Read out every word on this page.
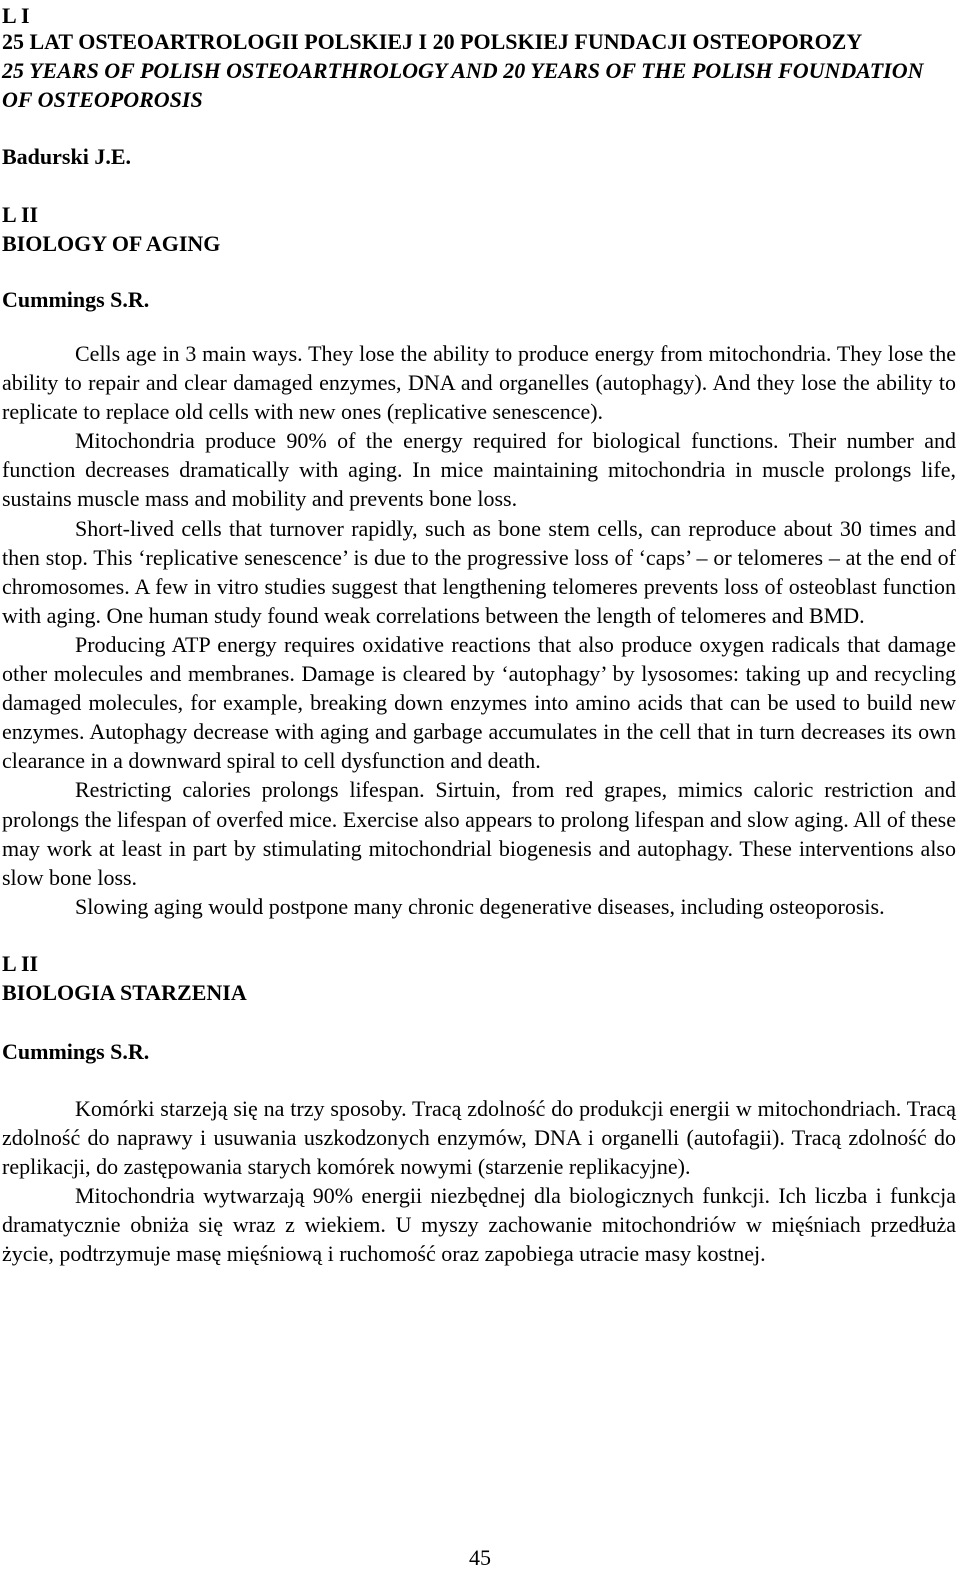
L I
25 LAT OSTEOARTROLOGII POLSKIEJ I 20 POLSKIEJ FUNDACJI OSTEOPOROZY
25 YEARS OF POLISH OSTEOARTHROLOGY AND 20 YEARS OF THE POLISH FOUNDATION OF OSTEOPOROSIS
Badurski J.E.
L II
BIOLOGY OF AGING
Cummings S.R.

Cells age in 3 main ways. They lose the ability to produce energy from mitochondria. They lose the ability to repair and clear damaged enzymes, DNA and organelles (autophagy). And they lose the ability to replicate to replace old cells with new ones (replicative senescence).

Mitochondria produce 90% of the energy required for biological functions. Their number and function decreases dramatically with aging. In mice maintaining mitochondria in muscle prolongs life, sustains muscle mass and mobility and prevents bone loss.

Short-lived cells that turnover rapidly, such as bone stem cells, can reproduce about 30 times and then stop. This ‘replicative senescence’ is due to the progressive loss of ‘caps’ – or telomeres – at the end of chromosomes. A few in vitro studies suggest that lengthening telomeres prevents loss of osteoblast function with aging. One human study found weak correlations between the length of telomeres and BMD.

Producing ATP energy requires oxidative reactions that also produce oxygen radicals that damage other molecules and membranes. Damage is cleared by ‘autophagy’ by lysosomes: taking up and recycling damaged molecules, for example, breaking down enzymes into amino acids that can be used to build new enzymes. Autophagy decrease with aging and garbage accumulates in the cell that in turn decreases its own clearance in a downward spiral to cell dysfunction and death.

Restricting calories prolongs lifespan. Sirtuin, from red grapes, mimics caloric restriction and prolongs the lifespan of overfed mice. Exercise also appears to prolong lifespan and slow aging. All of these may work at least in part by stimulating mitochondrial biogenesis and autophagy. These interventions also slow bone loss.

Slowing aging would postpone many chronic degenerative diseases, including osteoporosis.

L II
BIOLOGIA STARZENIA
Cummings S.R.

Komórki starzeją się na trzy sposoby. Tracą zdolność do produkcji energii w mitochondriach. Tracą zdolność do naprawy i usuwania uszkodzonych enzymów, DNA i organelli (autofagii). Tracą zdolność do replikacji, do zastępowania starych komórek nowymi (starzenie replikacyjne).

Mitochondria wytwarzają 90% energii niezbędnej dla biologicznych funkcji. Ich liczba i funkcja dramatycznie obniża się wraz z wiekiem. U myszy zachowanie mitochondriów w mięśniach przedłuża życie, podtrzymuje masę mięśniową i ruchomość oraz zapobiega utracie masy kostnej.

45
